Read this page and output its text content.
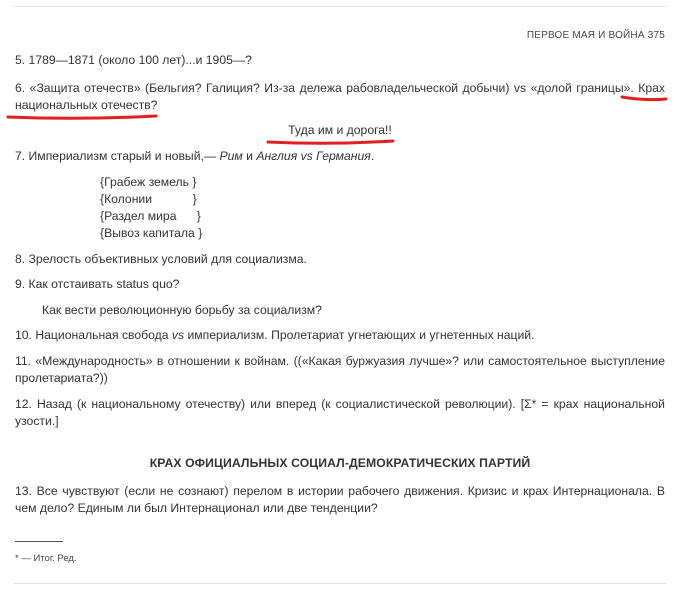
ПЕРВОЕ МАЯ И ВОЙНА 375
5. 1789—1871 (около 100 лет)...и 1905—?
6. «Защита отечеств» (Бельгия? Галиция? Из-за дележа рабовладельческой добычи) vs «долой границы». Крах национальных отечеств?
Туда им и дорога!!
7. Империализм старый и новый,— Рим и Англия vs Германия.
{Грабеж земель }
{Колонии            }
{Раздел мира      }
{Вывоз капитала }
8. Зрелость объективных условий для социализма.
9. Как отстаивать status quo?
Как вести революционную борьбу за социализм?
10. Национальная свобода vs империализм. Пролетариат угнетающих и угнетенных наций.
11. «Международность» в отношении к войнам. ((«Какая буржуазия лучше»? или самостоятельное выступление пролетариата?))
12. Назад (к национальному отечеству) или вперед (к социалистической революции). [Σ* = крах национальной узости.]
КРАХ ОФИЦИАЛЬНЫХ СОЦИАЛ-ДЕМОКРАТИЧЕСКИХ ПАРТИЙ
13. Все чувствуют (если не сознают) перелом в истории рабочего движения. Кризис и крах Интернационала. В чем дело? Единым ли был Интернационал или две тенденции?
* — Итог. Ред.
